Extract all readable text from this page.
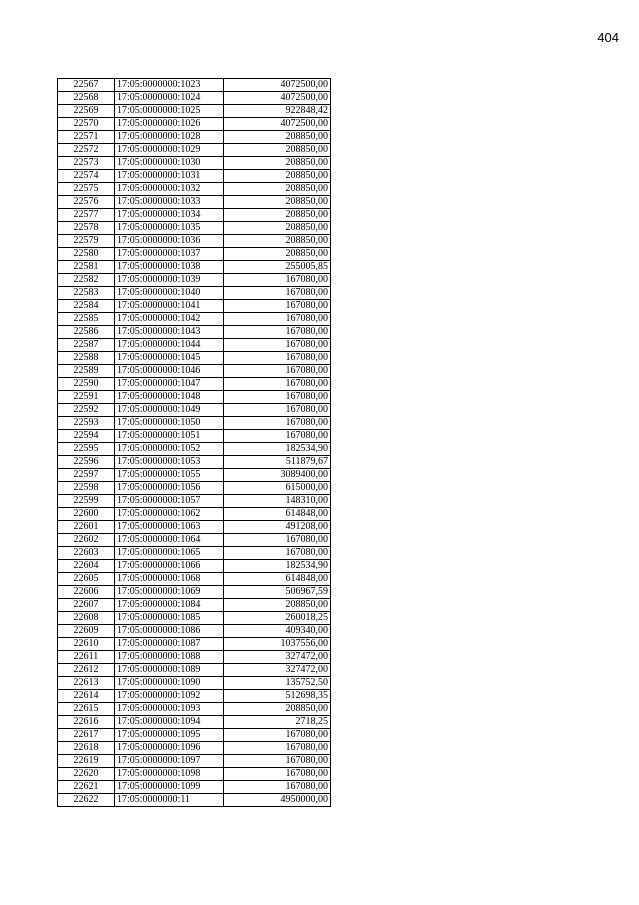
404
22567	17:05:0000000:1023	4072500,00
22568	17:05:0000000:1024	4072500,00
22569	17:05:0000000:1025	922848,42
22570	17:05:0000000:1026	4072500,00
22571	17:05:0000000:1028	208850,00
22572	17:05:0000000:1029	208850,00
22573	17:05:0000000:1030	208850,00
22574	17:05:0000000:1031	208850,00
22575	17:05:0000000:1032	208850,00
22576	17:05:0000000:1033	208850,00
22577	17:05:0000000:1034	208850,00
22578	17:05:0000000:1035	208850,00
22579	17:05:0000000:1036	208850,00
22580	17:05:0000000:1037	208850,00
22581	17:05:0000000:1038	255005,85
22582	17:05:0000000:1039	167080,00
22583	17:05:0000000:1040	167080,00
22584	17:05:0000000:1041	167080,00
22585	17:05:0000000:1042	167080,00
22586	17:05:0000000:1043	167080,00
22587	17:05:0000000:1044	167080,00
22588	17:05:0000000:1045	167080,00
22589	17:05:0000000:1046	167080,00
22590	17:05:0000000:1047	167080,00
22591	17:05:0000000:1048	167080,00
22592	17:05:0000000:1049	167080,00
22593	17:05:0000000:1050	167080,00
22594	17:05:0000000:1051	167080,00
22595	17:05:0000000:1052	182534,90
22596	17:05:0000000:1053	511879,67
22597	17:05:0000000:1055	3089400,00
22598	17:05:0000000:1056	615000,00
22599	17:05:0000000:1057	148310,00
22600	17:05:0000000:1062	614848,00
22601	17:05:0000000:1063	491208,00
22602	17:05:0000000:1064	167080,00
22603	17:05:0000000:1065	167080,00
22604	17:05:0000000:1066	182534,90
22605	17:05:0000000:1068	614848,00
22606	17:05:0000000:1069	506967,59
22607	17:05:0000000:1084	208850,00
22608	17:05:0000000:1085	260018,25
22609	17:05:0000000:1086	409340,00
22610	17:05:0000000:1087	1037556,00
22611	17:05:0000000:1088	327472,00
22612	17:05:0000000:1089	327472,00
22613	17:05:0000000:1090	135752,50
22614	17:05:0000000:1092	512698,35
22615	17:05:0000000:1093	208850,00
22616	17:05:0000000:1094	2718,25
22617	17:05:0000000:1095	167080,00
22618	17:05:0000000:1096	167080,00
22619	17:05:0000000:1097	167080,00
22620	17:05:0000000:1098	167080,00
22621	17:05:0000000:1099	167080,00
22622	17:05:0000000:11	4950000,00
